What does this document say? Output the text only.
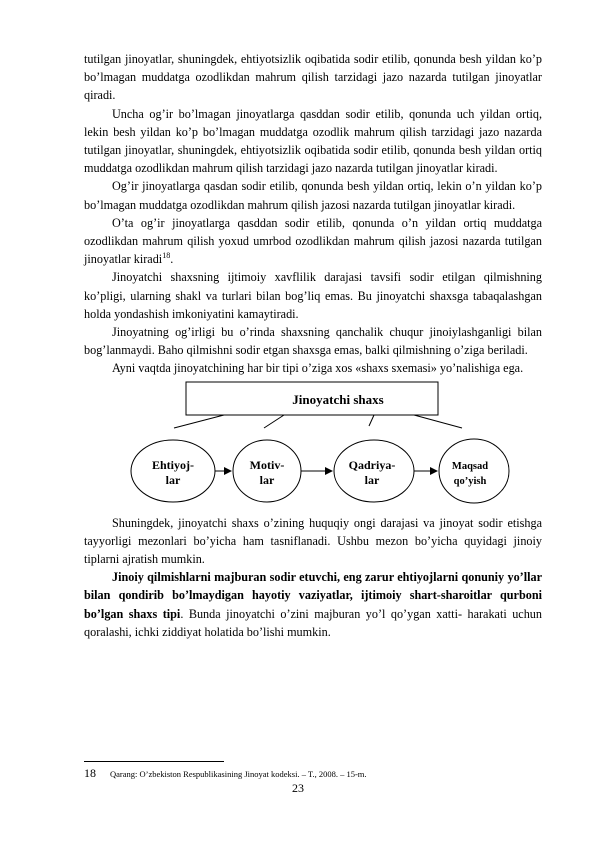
tutilgan jinoyatlar, shuningdek, ehtiyotsizlik oqibatida sodir etilib, qonunda besh yildan ko’p bo’lmagan muddatga ozodlikdan mahrum qilish tarzidagi jazo nazarda tutilgan jinoyatlar qiradi.

Uncha og’ir bo’lmagan jinoyatlarga qasddan sodir etilib, qonunda uch yildan ortiq, lekin besh yildan ko’p bo’lmagan muddatga ozodlik mahrum qilish tarzidagi jazo nazarda tutilgan jinoyatlar, shuningdek, ehtiyotsizlik oqibatida sodir etilib, qonunda besh yildan ortiq muddatga ozodlikdan mahrum qilish tarzidagi jazo nazarda tutilgan jinoyatlar kiradi.

Og’ir jinoyatlarga qasdan sodir etilib, qonunda besh yildan ortiq, lekin o’n yildan ko’p bo’lmagan muddatga ozodlikdan mahrum qilish jazosi nazarda tutilgan jinoyatlar kiradi.

O’ta og’ir jinoyatlarga qasddan sodir etilib, qonunda o’n yildan ortiq muddatga ozodlikdan mahrum qilish yoxud umrbod ozodlikdan mahrum qilish jazosi nazarda tutilgan jinoyatlar kiradi$^{18}$.

Jinoyatchi shaxsning ijtimoiy xavflilik darajasi tavsifi sodir etilgan qilmishning ko’pligi, ularning shakl va turlari bilan bog’liq emas. Bu jinoyatchi shaxsga tabaqalashgan holda yondashish imkoniyatini kamaytiradi.

Jinoyatning og’irligi bu o’rinda shaxsning qanchalik chuqur jinoiylashganligi bilan bog’lanmaydi. Baho qilmishni sodir etgan shaxsga emas, balki qilmishning o’ziga beriladi.

Ayni vaqtda jinoyatchining har bir tipi o’ziga xos «shaxs sxemasi» yo’nalishiga ega.

Jinoyatchi shaxs
Ehtiyoj-
lar
Motiv-
lar
Qadriya-
lar
Maqsad
qo’yish

Shuningdek, jinoyatchi shaxs o’zining huquqiy ongi darajasi va jinoyat sodir etishga tayyorligi mezonlari bo’yicha ham tasniflanadi. Ushbu mezon bo’yicha quyidagi jinoiy tiplarni ajratish mumkin.

Jinoiy qilmishlarni majburan sodir etuvchi, eng zarur ehtiyojlarni qonuniy yo’llar bilan qondirib bo’lmaydigan hayotiy vaziyatlar, ijtimoiy shart-sharoitlar qurboni bo’lgan shaxs tipi. Bunda jinoyatchi o’zini majburan yo’l qo’ygan xatti- harakati uchun qoralashi, ichki ziddiyat holatida bo’lishi mumkin.

18 Qarang: O’zbekiston Respublikasining Jinoyat kodeksi. – T., 2008. – 15-m.
23
